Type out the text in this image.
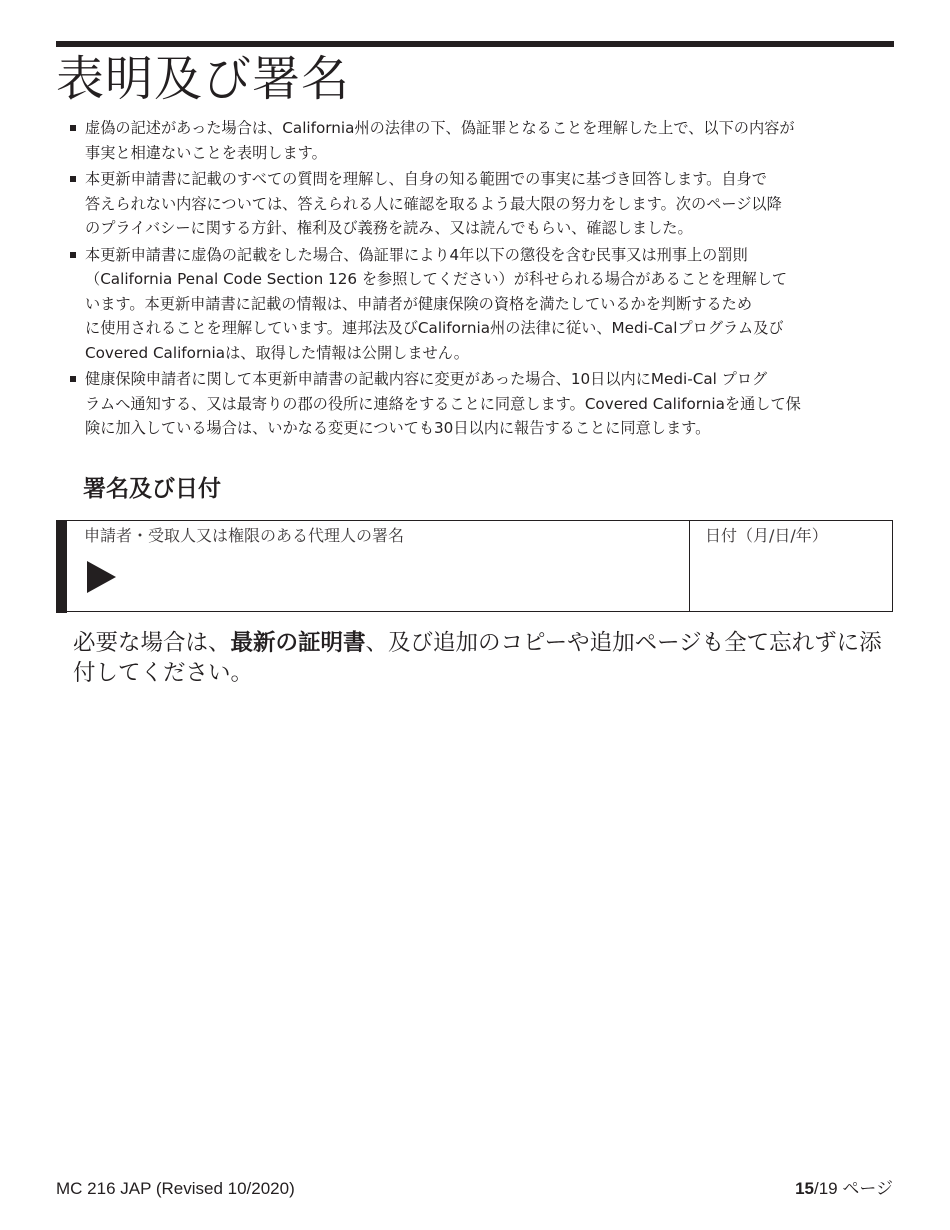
表明及び署名
虚偽の記述があった場合は、California州の法律の下、偽証罪となることを理解した上で、以下の内容が
事実と相違ないことを表明します。
本更新申請書に記載のすべての質問を理解し、自身の知る範囲での事実に基づき回答します。自身で
答えられない内容については、答えられる人に確認を取るよう最大限の努力をします。次のページ以降
のプライバシーに関する方針、権利及び義務を読み、又は読んでもらい、確認しました。
本更新申請書に虚偽の記載をした場合、偽証罪により4年以下の懲役を含む民事又は刑事上の罰則
（California Penal Code Section 126 を参照してください）が科せられる場合があることを理解して
います。本更新申請書に記載の情報は、申請者が健康保険の資格を満たしているかを判断するため
に使用されることを理解しています。連邦法及びCalifornia州の法律に従い、Medi-Calプログラム及び
Covered Californiaは、取得した情報は公開しません。
健康保険申請者に関して本更新申請書の記載内容に変更があった場合、10日以内にMedi-Cal プログ
ラムへ通知する、又は最寄りの郡の役所に連絡をすることに同意します。Covered Californiaを通して保
険に加入している場合は、いかなる変更についても30日以内に報告することに同意します。
署名及び日付
申請者・受取人又は権限のある代理人の署名	日付（月/日/年）

必要な場合は、最新の証明書、及び追加のコピーや追加ページも全て忘れずに添付してください。

MC 216 JAP (Revised 10/2020)	15/19 ページ
